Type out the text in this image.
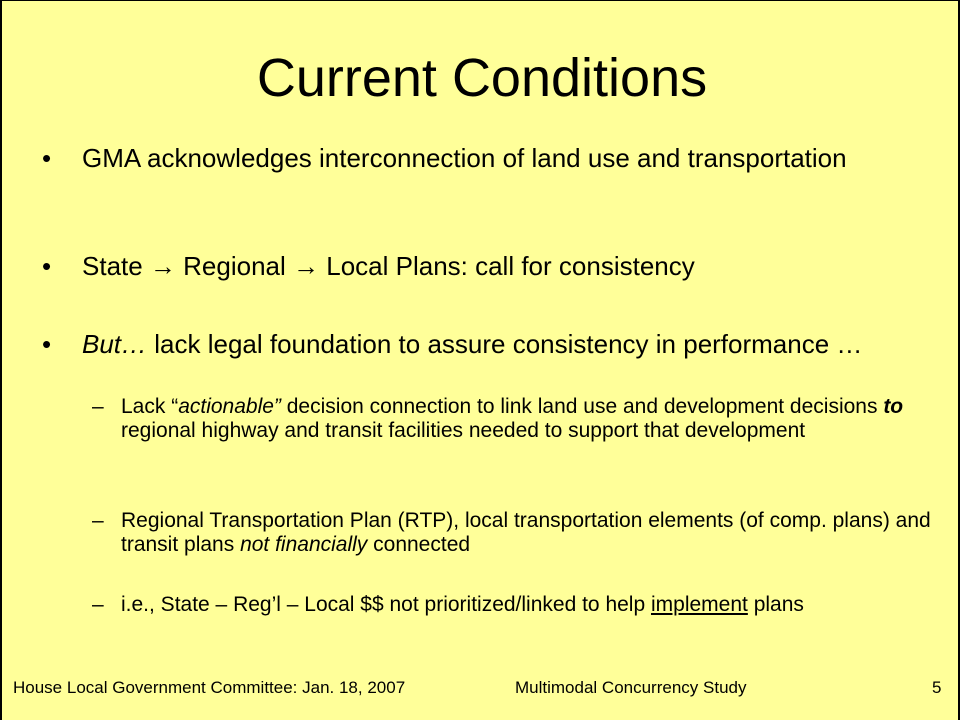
Current Conditions
• GMA acknowledges interconnection of land use and transportation
• State → Regional → Local Plans: call for consistency
• But… lack legal foundation to assure consistency in performance …
– Lack “actionable” decision connection to link land use and development decisions to regional highway and transit facilities needed to support that development
– Regional Transportation Plan (RTP), local transportation elements (of comp. plans) and transit plans not financially connected
– i.e., State – Reg’l – Local $$ not prioritized/linked to help implement plans
House Local Government Committee: Jan. 18, 2007	Multimodal Concurrency Study	5
